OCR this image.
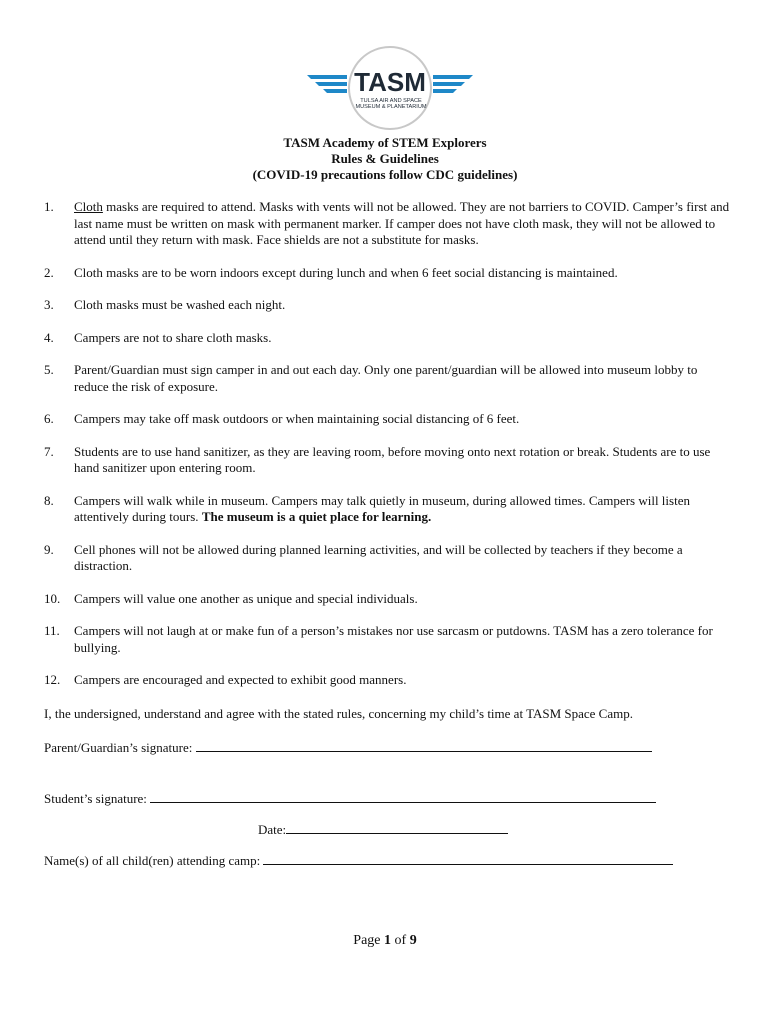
TASM
TULSA AIR AND SPACE
MUSEUM & PLANETARIUM
TASM Academy of STEM Explorers
Rules & Guidelines
(COVID-19 precautions follow CDC guidelines)
1.	Cloth masks are required to attend. Masks with vents will not be allowed. They are not barriers to COVID. Camper’s first and last name must be written on mask with permanent marker. If camper does not have cloth mask, they will not be allowed to attend until they return with mask. Face shields are not a substitute for masks.
2.	Cloth masks are to be worn indoors except during lunch and when 6 feet social distancing is maintained.
3.	Cloth masks must be washed each night.
4.	Campers are not to share cloth masks.
5.	Parent/Guardian must sign camper in and out each day. Only one parent/guardian will be allowed into museum lobby to reduce the risk of exposure.
6.	Campers may take off mask outdoors or when maintaining social distancing of 6 feet.
7.	Students are to use hand sanitizer, as they are leaving room, before moving onto next rotation or break. Students are to use hand sanitizer upon entering room.
8.	Campers will walk while in museum. Campers may talk quietly in museum, during allowed times. Campers will listen attentively during tours. The museum is a quiet place for learning.
9.	Cell phones will not be allowed during planned learning activities, and will be collected by teachers if they become a distraction.
10.	Campers will value one another as unique and special individuals.
11.	Campers will not laugh at or make fun of a person’s mistakes nor use sarcasm or putdowns. TASM has a zero tolerance for bullying.
12.	Campers are encouraged and expected to exhibit good manners.
I, the undersigned, understand and agree with the stated rules, concerning my child’s time at TASM Space Camp.
Parent/Guardian’s signature:
Student’s signature:
Date:
Name(s) of all child(ren) attending camp:
Page 1 of 9
